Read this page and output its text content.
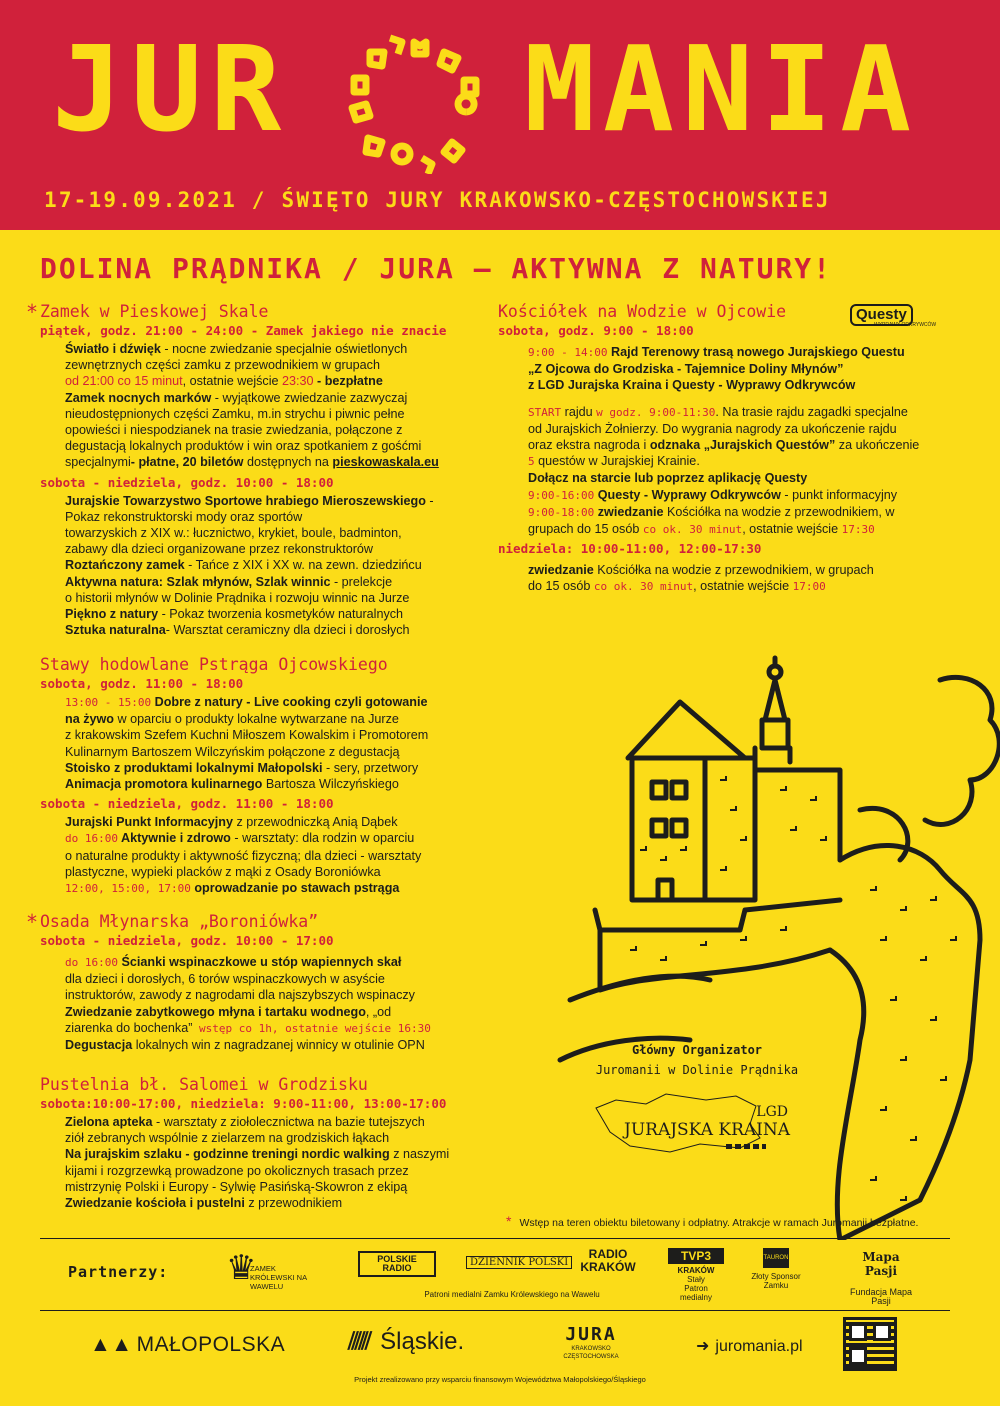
JUR MANIA
17-19.09.2021 / ŚWIĘTO JURY KRAKOWSKO-CZĘSTOCHOWSKIEJ
DOLINA PRĄDNIKA / JURA – AKTYWNA Z NATURY!
* Zamek w Pieskowej Skale
piątek, godz. 21:00 - 24:00 - Zamek jakiego nie znacie

Światło i dźwięk - nocne zwiedzanie specjalnie oświetlonych

zewnętrznych części zamku z przewodnikiem w grupach

od 21:00 co 15 minut, ostatnie wejście 23:30 - bezpłatne

Zamek nocnych marków - wyjątkowe zwiedzanie zazwyczaj

nieudostępnionych części Zamku, m.in strychu i piwnic pełne

opowieści i niespodzianek na trasie zwiedzania, połączone z

degustacją lokalnych produktów i win oraz spotkaniem z gośćmi

specjalnymi- płatne, 20 biletów dostępnych na pieskowaskala.eu

sobota - niedziela, godz. 10:00 - 18:00

Jurajskie Towarzystwo Sportowe hrabiego Mieroszewskiego -

Pokaz rekonstruktorski mody oraz sportów

towarzyskich z XIX w.: łucznictwo, krykiet, boule, badminton,

zabawy dla dzieci organizowane przez rekonstruktorów

Roztańczony zamek - Tańce z XIX i XX w. na zewn. dziedzińcu

Aktywna natura: Szlak młynów, Szlak winnic - prelekcje

o historii młynów w Dolinie Prądnika i rozwoju winnic na Jurze

Piękno z natury - Pokaz tworzenia kosmetyków naturalnych

Sztuka naturalna- Warsztat ceramiczny dla dzieci i dorosłych

Stawy hodowlane Pstrąga Ojcowskiego
sobota, godz. 11:00 - 18:00

13:00 - 15:00 Dobre z natury - Live cooking czyli gotowanie

na żywo w oparciu o produkty lokalne wytwarzane na Jurze

z krakowskim Szefem Kuchni Miłoszem Kowalskim i Promotorem

Kulinarnym Bartoszem Wilczyńskim połączone z degustacją

Stoisko z produktami lokalnymi Małopolski - sery, przetwory

Animacja promotora kulinarnego Bartosza Wilczyńskiego

sobota - niedziela, godz. 11:00 - 18:00

Jurajski Punkt Informacyjny z przewodniczką Anią Dąbek

do 16:00 Aktywnie i zdrowo - warsztaty: dla rodzin w oparciu

o naturalne produkty i aktywność fizyczną; dla dzieci - warsztaty

plastyczne, wypieki placków z mąki z Osady Boroniówka

12:00, 15:00, 17:00 oprowadzanie po stawach pstrąga

* Osada Młynarska „Boroniówka”
sobota - niedziela, godz. 10:00 - 17:00

do 16:00 Ścianki wspinaczkowe u stóp wapiennych skał

dla dzieci i dorosłych, 6 torów wspinaczkowych w asyście

instruktorów, zawody z nagrodami dla najszybszych wspinaczy

Zwiedzanie zabytkowego młyna i tartaku wodnego, „od

ziarenka do bochenka” wstęp co 1h, ostatnie wejście 16:30

Degustacja lokalnych win z nagradzanej winnicy w otulinie OPN

Pustelnia bł. Salomei w Grodzisku
sobota:10:00-17:00, niedziela: 9:00-11:00, 13:00-17:00

Zielona apteka - warsztaty z ziołolecznictwa na bazie tutejszych

ziół zebranych wspólnie z zielarzem na grodziskich łąkach

Na jurajskim szlaku - godzinne treningi nordic walking z naszymi

kijami i rozgrzewką prowadzone po okolicznych trasach przez

mistrzynię Polski i Europy - Sylwię Pasińską-Skowron z ekipą

Zwiedzanie kościoła i pustelni z przewodnikiem

Kościółek na Wodzie w Ojcowie
sobota, godz. 9:00 - 18:00
Questy
WYPRAWY ODKRYWCÓW

9:00 - 14:00 Rajd Terenowy trasą nowego Jurajskiego Questu

„Z Ojcowa do Grodziska - Tajemnice Doliny Młynów”

z LGD Jurajska Kraina i Questy - Wyprawy Odkrywców

START rajdu w godz. 9:00-11:30. Na trasie rajdu zagadki specjalne

od Jurajskich Żołnierzy. Do wygrania nagrody za ukończenie rajdu

oraz ekstra nagroda i odznaka „Jurajskich Questów” za ukończenie

5 questów w Jurajskiej Krainie.

Dołącz na starcie lub poprzez aplikację Questy

9:00-16:00 Questy - Wyprawy Odkrywców - punkt informacyjny

9:00-18:00 zwiedzanie Kościółka na wodzie z przewodnikiem, w

grupach do 15 osób co ok. 30 minut, ostatnie wejście 17:30

niedziela: 10:00-11:00, 12:00-17:30

zwiedzanie Kościółka na wodzie z przewodnikiem, w grupach

do 15 osób co ok. 30 minut, ostatnie wejście 17:00

Główny Organizator
Juromanii w Dolinie Prądnika
LGD
JURAJSKA KRAINA
* Wstęp na teren obiektu biletowany i odpłatny. Atrakcje w ramach Juromanii bezpłatne.
Partnerzy: ♛
ZAMEK KRÓLEWSKI NA WAWELU
POLSKIE RADIO	DZIENNIK POLSKI
RADIO KRAKÓW
Patroni medialni Zamku Królewskiego na Wawelu
TVP3
KRAKÓW
Stały
Patron medialny
TAURON
Złoty Sponsor
Zamku
Mapa Pasji
Fundacja Mapa Pasji
▲▲ MAŁOPOLSKA	⫽⫽⫽ Śląskie.	JURA
KRAKOWSKO
CZĘSTOCHOWSKA
➜ juromania.pl
Projekt zrealizowano przy wsparciu finansowym Województwa Małopolskiego/Śląskiego
